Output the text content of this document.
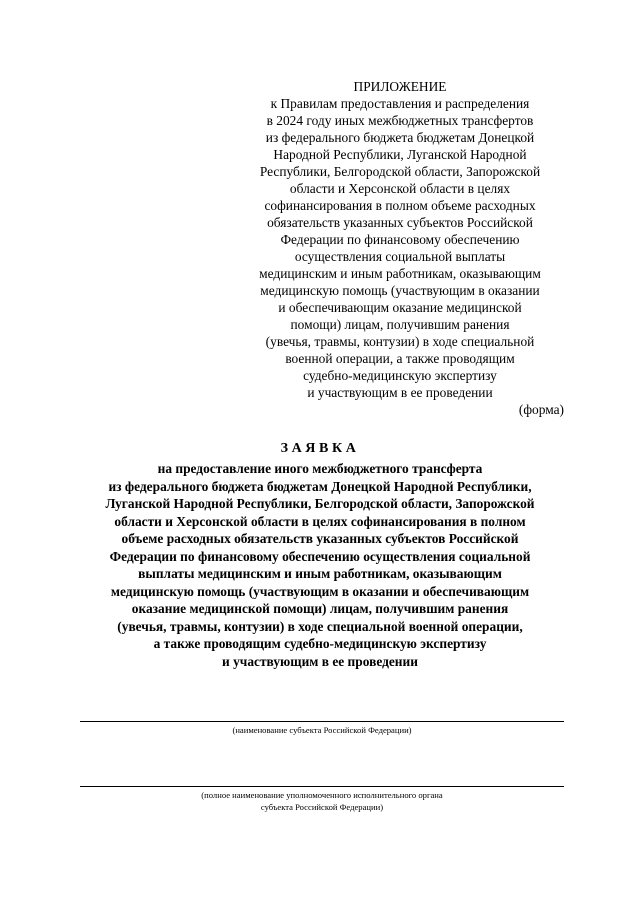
ПРИЛОЖЕНИЕ
к Правилам предоставления и распределения
в 2024 году иных межбюджетных трансфертов
из федерального бюджета бюджетам Донецкой
Народной Республики, Луганской Народной
Республики, Белгородской области, Запорожской
области и Херсонской области в целях
софинансирования в полном объеме расходных
обязательств указанных субъектов Российской
Федерации по финансовому обеспечению
осуществления социальной выплаты
медицинским и иным работникам, оказывающим
медицинскую помощь (участвующим в оказании
и обеспечивающим оказание медицинской
помощи) лицам, получившим ранения
(увечья, травмы, контузии) в ходе специальной
военной операции, а также проводящим
судебно-медицинскую экспертизу
и участвующим в ее проведении
(форма)
ЗАЯВКА
на предоставление иного межбюджетного трансферта
из федерального бюджета бюджетам Донецкой Народной Республики,
Луганской Народной Республики, Белгородской области, Запорожской
области и Херсонской области в целях софинансирования в полном
объеме расходных обязательств указанных субъектов Российской
Федерации по финансовому обеспечению осуществления социальной
выплаты медицинским и иным работникам, оказывающим
медицинскую помощь (участвующим в оказании и обеспечивающим
оказание медицинской помощи) лицам, получившим ранения
(увечья, травмы, контузии) в ходе специальной военной операции,
а также проводящим судебно-медицинскую экспертизу
и участвующим в ее проведении
(наименование субъекта Российской Федерации)
(полное наименование уполномоченного исполнительного органа
субъекта Российской Федерации)
